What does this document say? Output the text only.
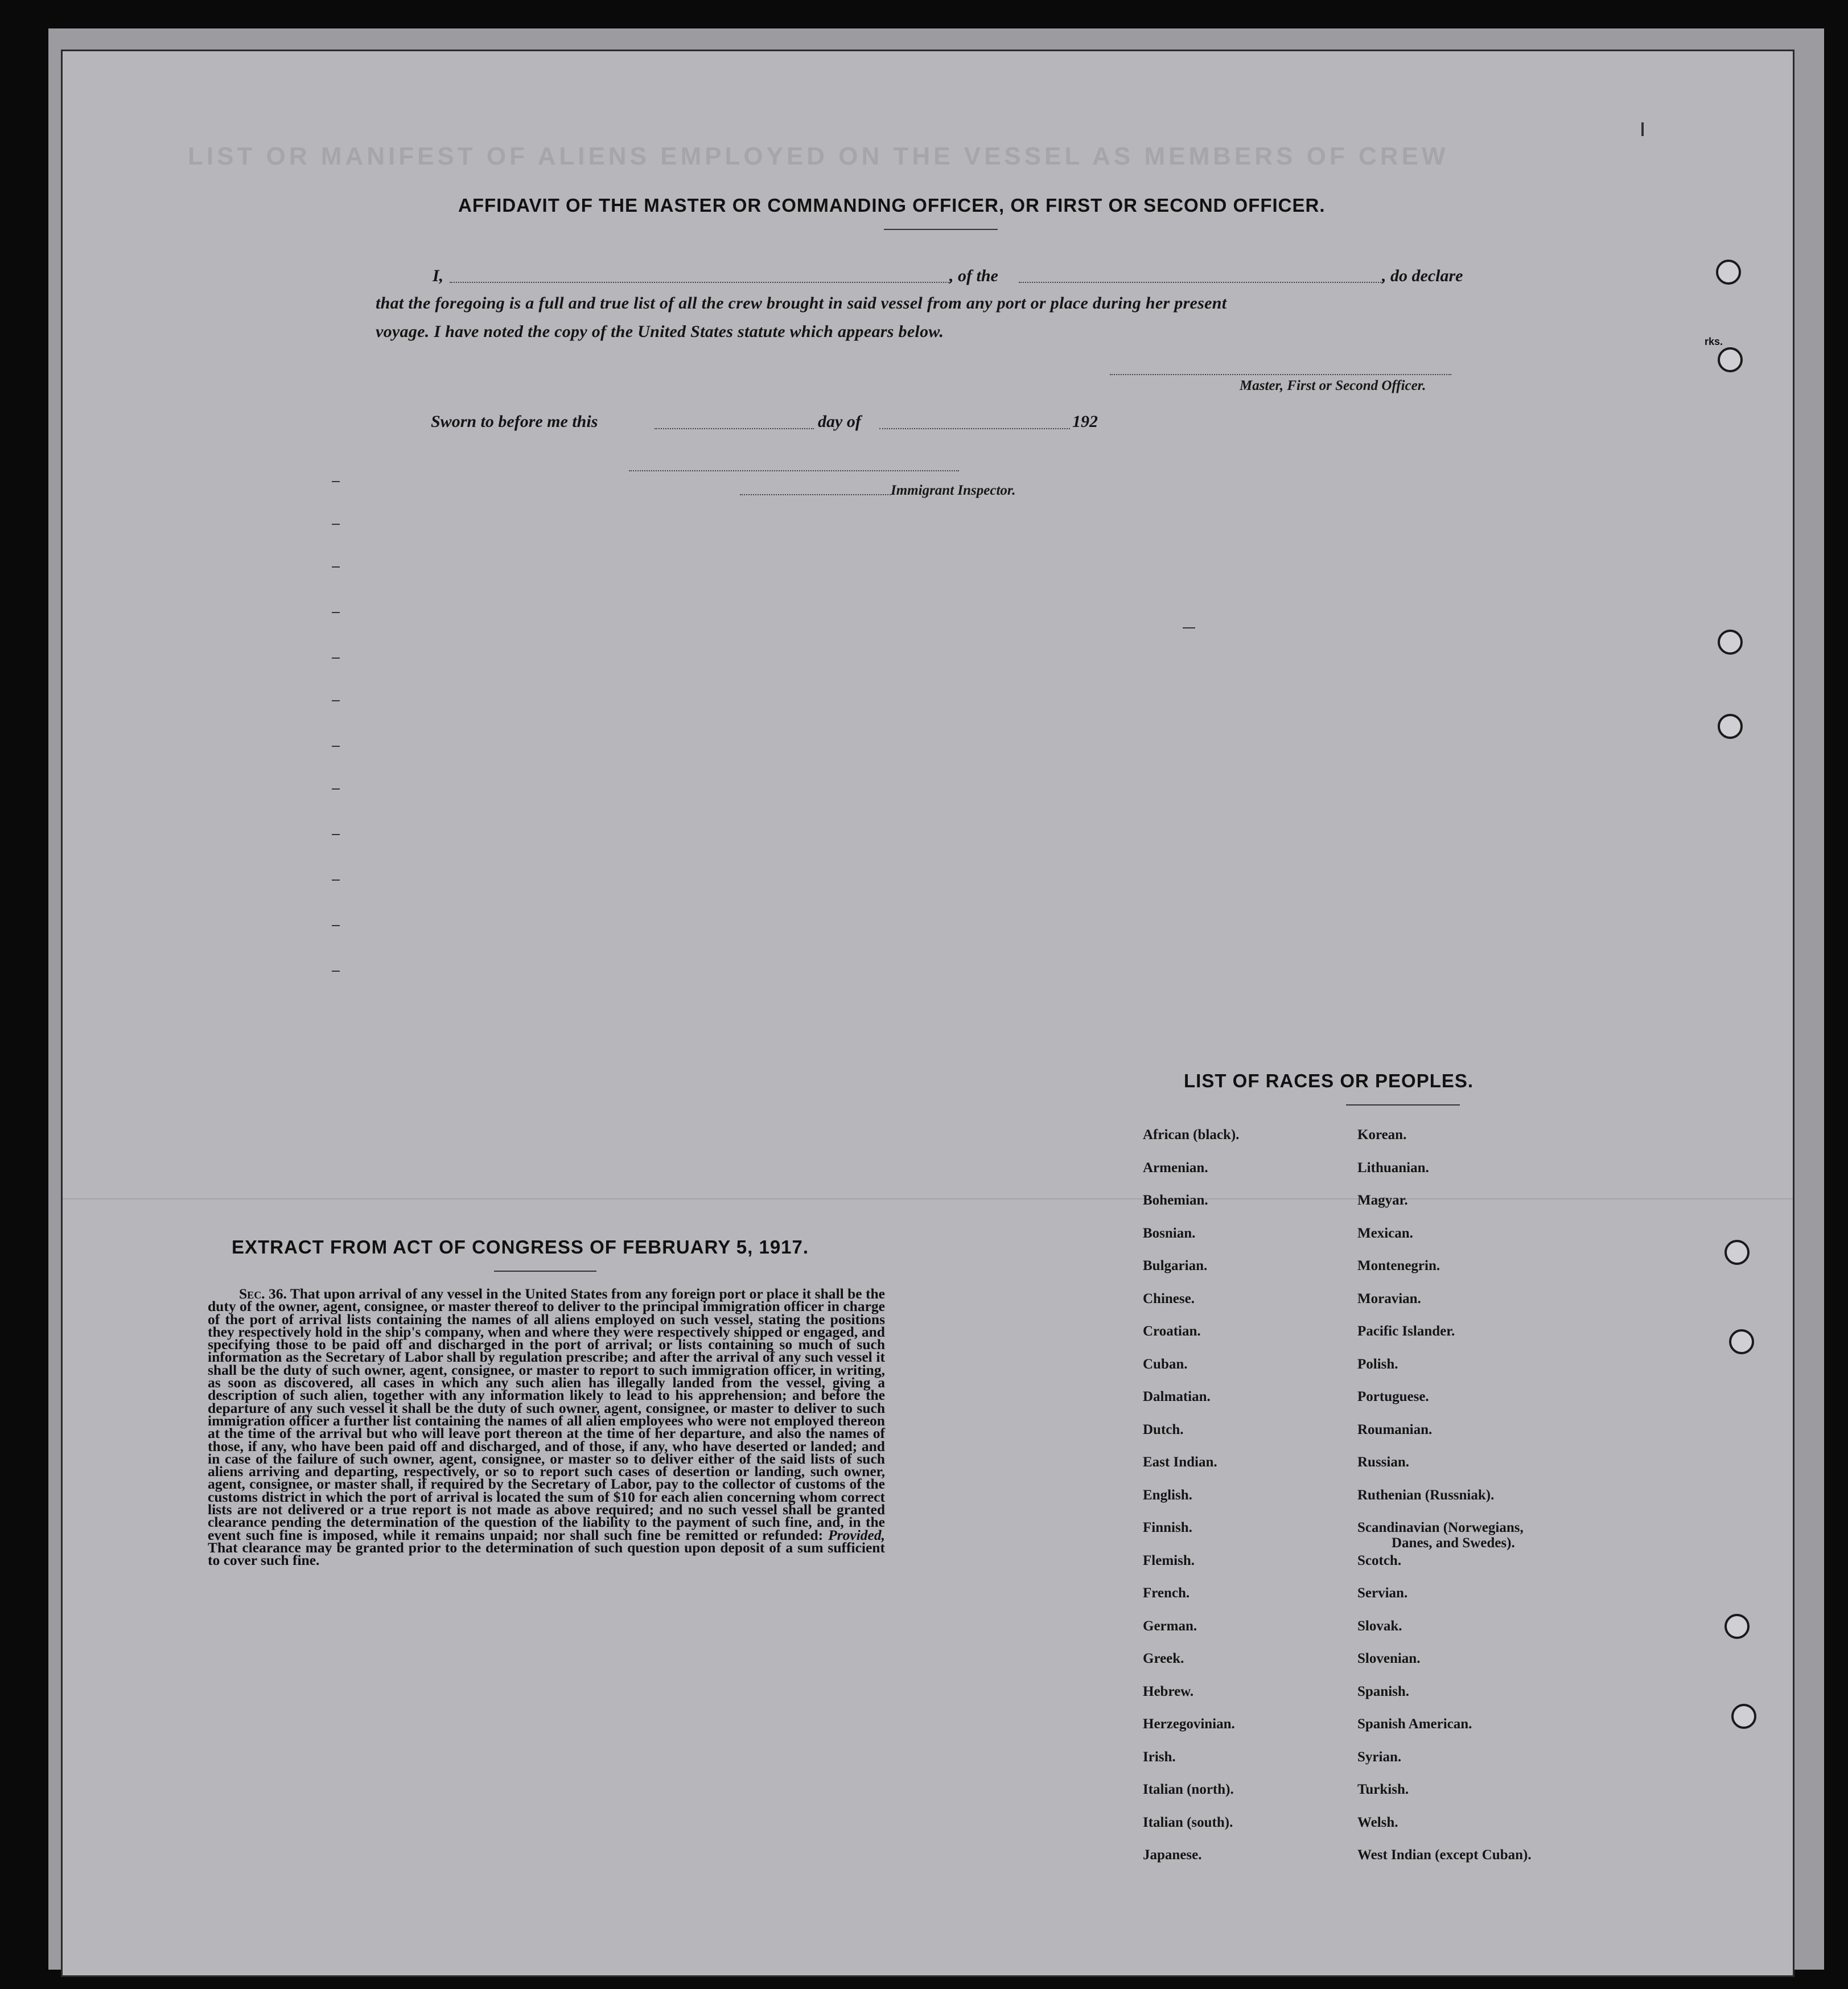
LIST OR MANIFEST OF ALIENS EMPLOYED ON THE VESSEL AS MEMBERS OF CREW
AFFIDAVIT OF THE MASTER OR COMMANDING OFFICER, OR FIRST OR SECOND OFFICER.
I,	, of the	, do declare
that the foregoing is a full and true list of all the crew brought in said vessel from any port or place during her present
voyage. I have noted the copy of the United States statute which appears below.
Master, First or Second Officer.
Sworn to before me this	day of	192
Immigrant Inspector.
rks.
EXTRACT FROM ACT OF CONGRESS OF FEBRUARY 5, 1917.
Sec. 36. That upon arrival of any vessel in the United States from any foreign port or place it shall be the duty of the owner, agent, consignee, or master thereof to deliver to the principal immigration officer in charge of the port of arrival lists containing the names of all aliens employed on such vessel, stating the positions they respectively hold in the ship's company, when and where they were respectively shipped or engaged, and specifying those to be paid off and discharged in the port of arrival; or lists containing so much of such information as the Secretary of Labor shall by regulation prescribe; and after the arrival of any such vessel it shall be the duty of such owner, agent, consignee, or master to report to such immigration officer, in writing, as soon as discovered, all cases in which any such alien has illegally landed from the vessel, giving a description of such alien, together with any information likely to lead to his apprehension; and before the departure of any such vessel it shall be the duty of such owner, agent, consignee, or master to deliver to such immigration officer a further list containing the names of all alien employees who were not employed thereon at the time of the arrival but who will leave port thereon at the time of her departure, and also the names of those, if any, who have been paid off and discharged, and of those, if any, who have deserted or landed; and in case of the failure of such owner, agent, consignee, or master so to deliver either of the said lists of such aliens arriving and departing, respectively, or so to report such cases of desertion or landing, such owner, agent, consignee, or master shall, if required by the Secretary of Labor, pay to the collector of customs of the customs district in which the port of arrival is located the sum of $10 for each alien concerning whom correct lists are not delivered or a true report is not made as above required; and no such vessel shall be granted clearance pending the determination of the question of the liability to the payment of such fine, and, in the event such fine is imposed, while it remains unpaid; nor shall such fine be remitted or refunded: Provided, That clearance may be granted prior to the determination of such question upon deposit of a sum sufficient to cover such fine.
LIST OF RACES OR PEOPLES.
African (black).
Armenian.
Bohemian.
Bosnian.
Bulgarian.
Chinese.
Croatian.
Cuban.
Dalmatian.
Dutch.
East Indian.
English.
Finnish.
Flemish.
French.
German.
Greek.
Hebrew.
Herzegovinian.
Irish.
Italian (north).
Italian (south).
Japanese.
Korean.
Lithuanian.
Magyar.
Mexican.
Montenegrin.
Moravian.
Pacific Islander.
Polish.
Portuguese.
Roumanian.
Russian.
Ruthenian (Russniak).
Scandinavian (Norwegians,
Danes, and Swedes).
Scotch.
Servian.
Slovak.
Slovenian.
Spanish.
Spanish American.
Syrian.
Turkish.
Welsh.
West Indian (except Cuban).
